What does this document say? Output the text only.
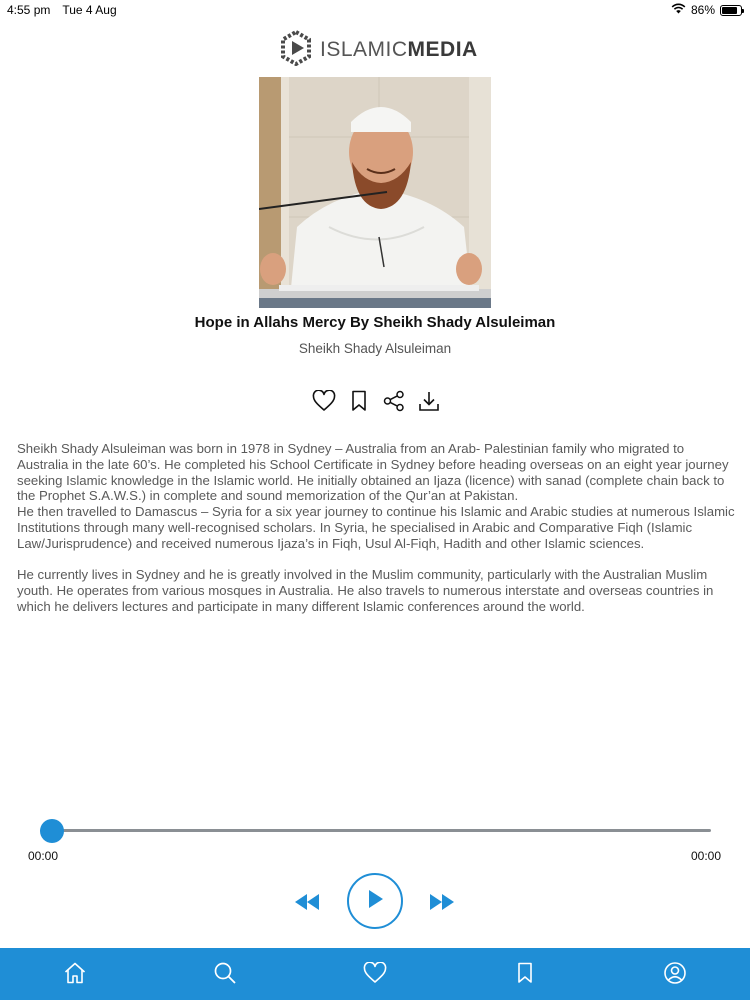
4:55 pm Tue 4 Aug	86%
ISLAMICMEDIA
Hope in Allahs Mercy By Sheikh Shady Alsuleiman
Sheikh Shady Alsuleiman

Sheikh Shady Alsuleiman was born in 1978 in Sydney – Australia from an Arab- Palestinian family who migrated to Australia in the late 60’s. He completed his School Certificate in Sydney before heading overseas on an eight year journey seeking Islamic knowledge in the Islamic world. He initially obtained an Ijaza (licence) with sanad (complete chain back to the Prophet S.A.W.S.) in complete and sound memorization of the Qur’an at Pakistan.

He then travelled to Damascus – Syria for a six year journey to continue his Islamic and Arabic studies at numerous Islamic Institutions through many well-recognised scholars. In Syria, he specialised in Arabic and Comparative Fiqh (Islamic Law/Jurisprudence) and received numerous Ijaza’s in Fiqh, Usul Al-Fiqh, Hadith and other Islamic sciences.

He currently lives in Sydney and he is greatly involved in the Muslim community, particularly with the Australian Muslim youth. He operates from various mosques in Australia. He also travels to numerous interstate and overseas countries in which he delivers lectures and participate in many different Islamic conferences around the world.

00:00	00:00
